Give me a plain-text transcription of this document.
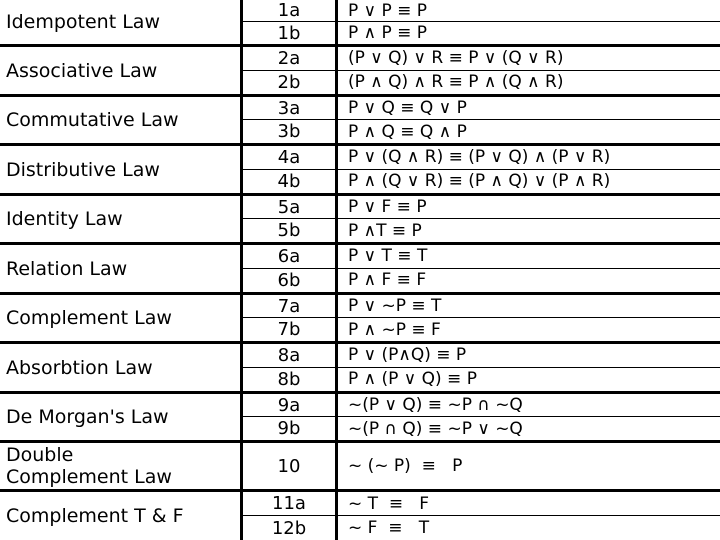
Idempotent Law
1a	P ∨ P ≡ P
1b	P ∧ P ≡ P
Associative Law
2a	(P ∨ Q) ∨ R ≡ P ∨ (Q ∨ R)
2b	(P ∧ Q) ∧ R ≡ P ∧ (Q ∧ R)
Commutative Law
3a	P ∨ Q ≡ Q ∨ P
3b	P ∧ Q ≡ Q ∧ P
Distributive Law
4a	P ∨ (Q ∧ R) ≡ (P ∨ Q) ∧ (P ∨ R)
4b	P ∧ (Q ∨ R) ≡ (P ∧ Q) ∨ (P ∧ R)
Identity Law
5a	P ∨ F ≡ P
5b	P ∧T ≡ P
Relation Law
6a	P ∨ T ≡ T
6b	P ∧ F ≡ F
Complement Law
7a	P ∨ ~P ≡ T
7b	P ∧ ~P ≡ F
Absorbtion Law
8a	P ∨ (P∧Q) ≡ P
8b	P ∧ (P ∨ Q) ≡ P
De Morgan's Law
9a	~(P ∨ Q) ≡ ~P ∩ ~Q
9b	~(P ∩ Q) ≡ ~P ∨ ~Q
Double
Complement Law	10	~ (~ P)  ≡   P
Complement T & F
11a	~ T  ≡   F
12b	~ F  ≡   T
